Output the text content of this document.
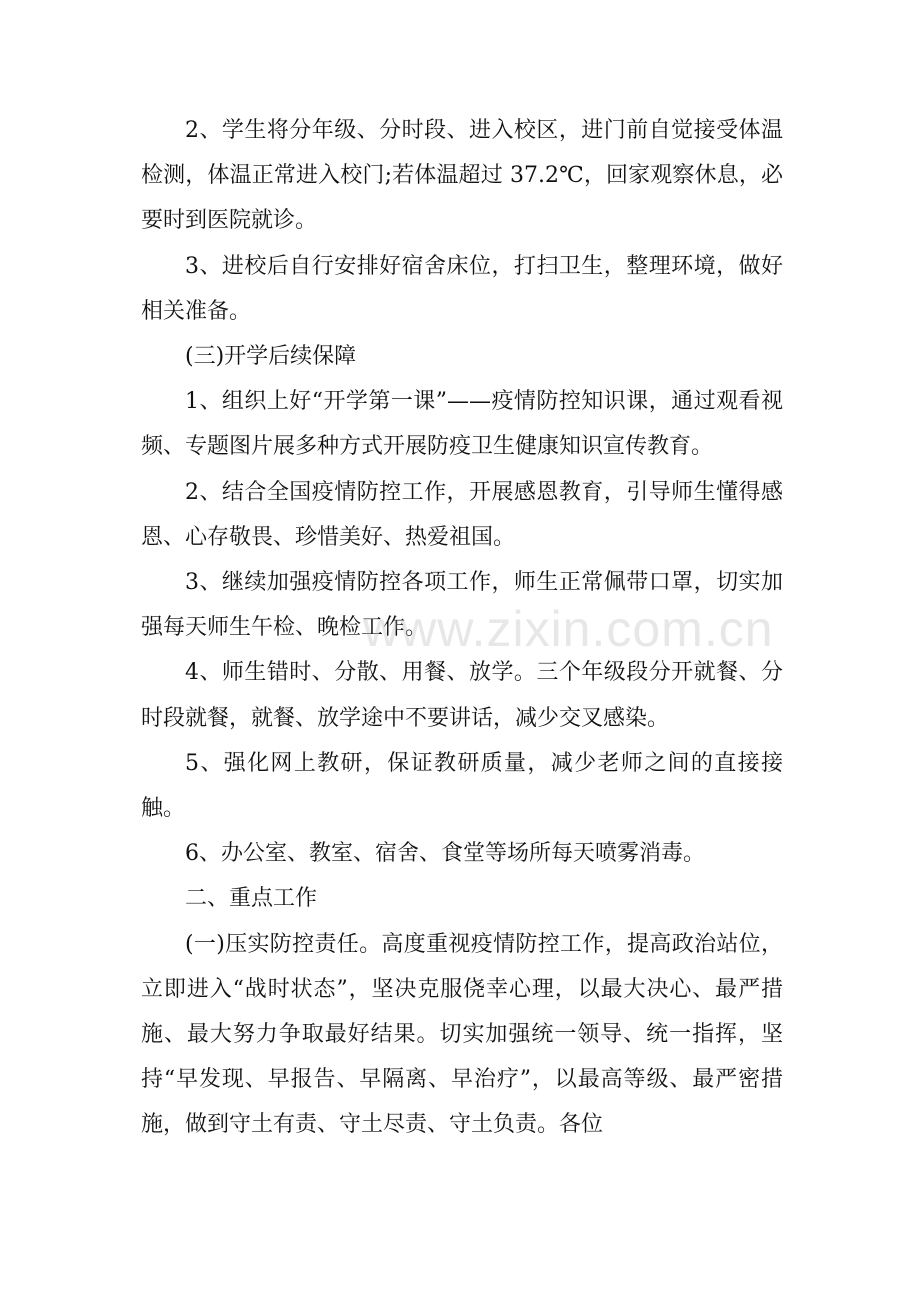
2、学生将分年级、分时段、进入校区，进门前自觉接受体温检测，体温正常进入校门;若体温超过 37.2℃，回家观察休息，必要时到医院就诊。

3、进校后自行安排好宿舍床位，打扫卫生，整理环境，做好相关准备。

(三)开学后续保障

1、组织上好“开学第一课”——疫情防控知识课，通过观看视频、专题图片展多种方式开展防疫卫生健康知识宣传教育。

2、结合全国疫情防控工作，开展感恩教育，引导师生懂得感恩、心存敬畏、珍惜美好、热爱祖国。

3、继续加强疫情防控各项工作，师生正常佩带口罩，切实加强每天师生午检、晚检工作。

4、师生错时、分散、用餐、放学。三个年级段分开就餐、分时段就餐，就餐、放学途中不要讲话，减少交叉感染。

5、强化网上教研，保证教研质量，减少老师之间的直接接触。

6、办公室、教室、宿舍、食堂等场所每天喷雾消毒。

二、重点工作

(一)压实防控责任。高度重视疫情防控工作，提高政治站位，立即进入“战时状态”，坚决克服侥幸心理，以最大决心、最严措施、最大努力争取最好结果。切实加强统一领导、统一指挥，坚持“早发现、早报告、早隔离、早治疗”，以最高等级、最严密措施，做到守土有责、守土尽责、守土负责。各位

www.zixin.com.cn
